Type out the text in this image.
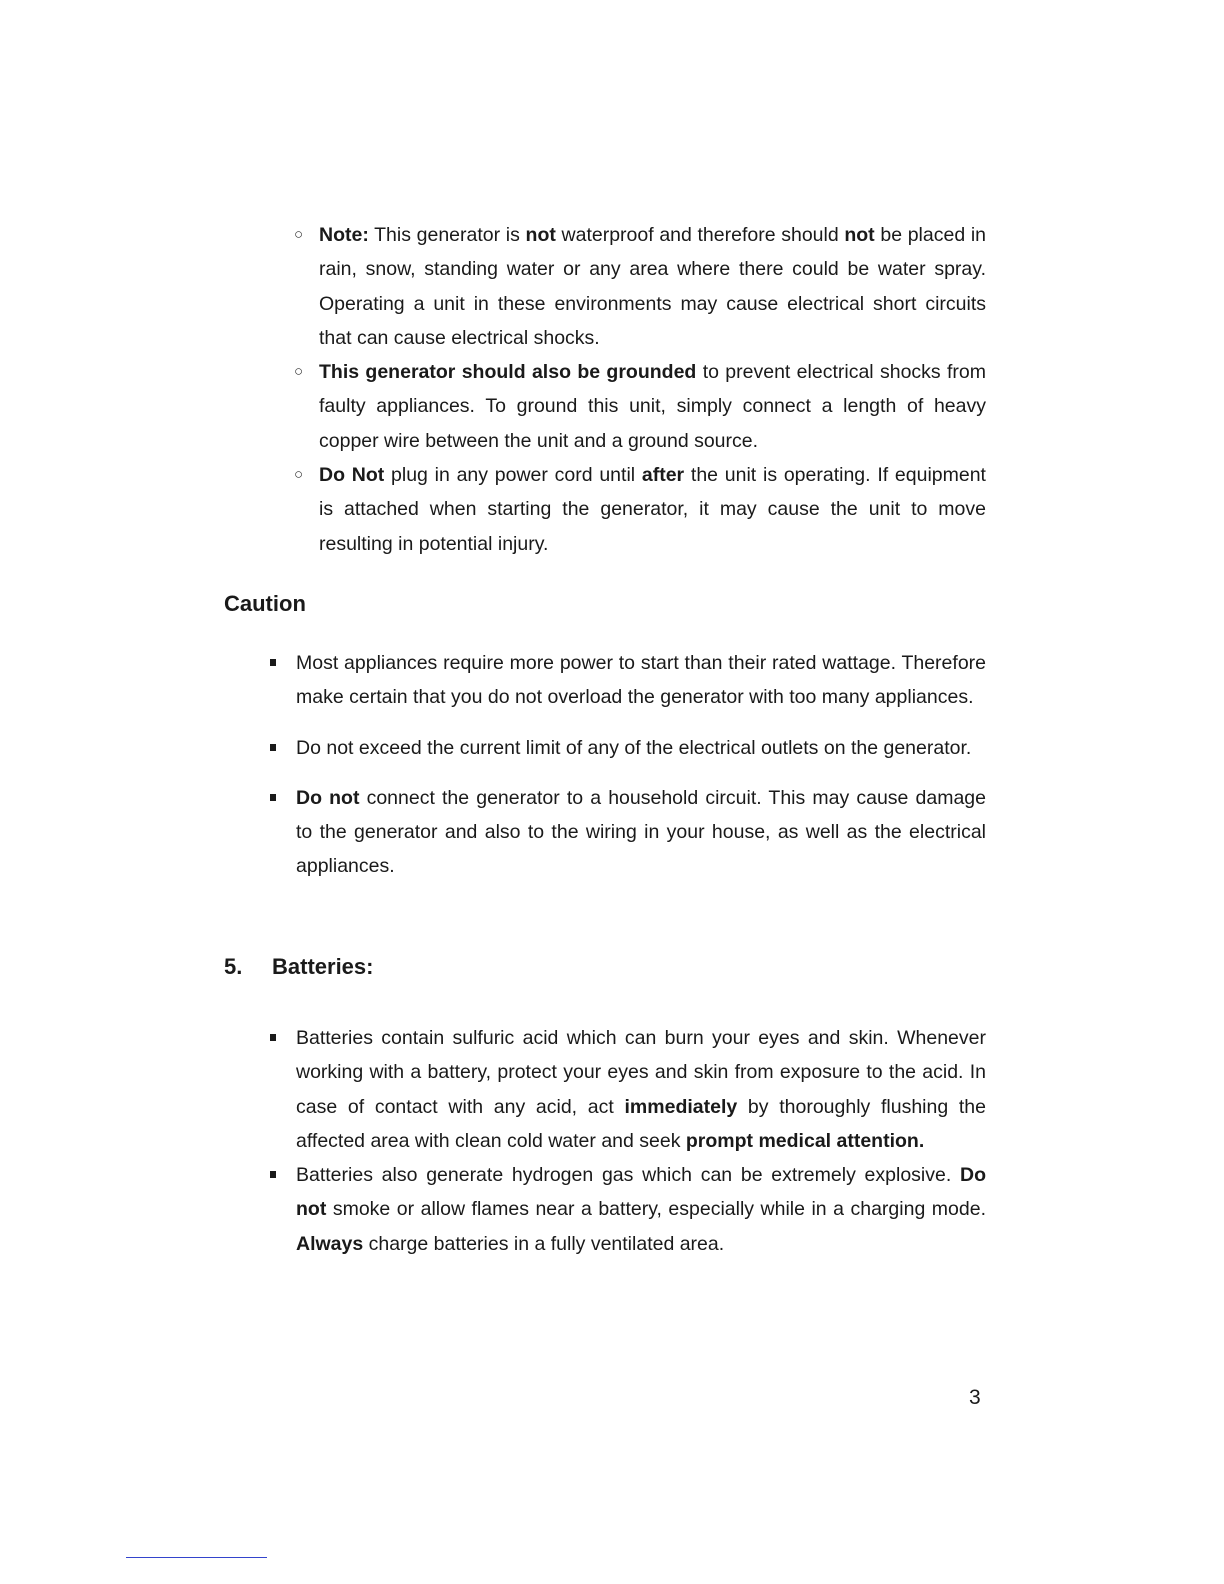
○ Note: This generator is not waterproof and therefore should not be placed in rain, snow, standing water or any area where there could be water spray. Operating a unit in these environments may cause electrical short circuits that can cause electrical shocks.
○ This generator should also be grounded to prevent electrical shocks from faulty appliances. To ground this unit, simply connect a length of heavy copper wire between the unit and a ground source.
○ Do Not plug in any power cord until after the unit is operating. If equipment is attached when starting the generator, it may cause the unit to move resulting in potential injury.
Caution
Most appliances require more power to start than their rated wattage. Therefore make certain that you do not overload the generator with too many appliances.
Do not exceed the current limit of any of the electrical outlets on the generator.
Do not connect the generator to a household circuit. This may cause damage to the generator and also to the wiring in your house, as well as the electrical appliances.
5. Batteries:
Batteries contain sulfuric acid which can burn your eyes and skin. Whenever working with a battery, protect your eyes and skin from exposure to the acid. In case of contact with any acid, act immediately by thoroughly flushing the affected area with clean cold water and seek prompt medical attention.
Batteries also generate hydrogen gas which can be extremely explosive. Do not smoke or allow flames near a battery, especially while in a charging mode. Always charge batteries in a fully ventilated area.
3
